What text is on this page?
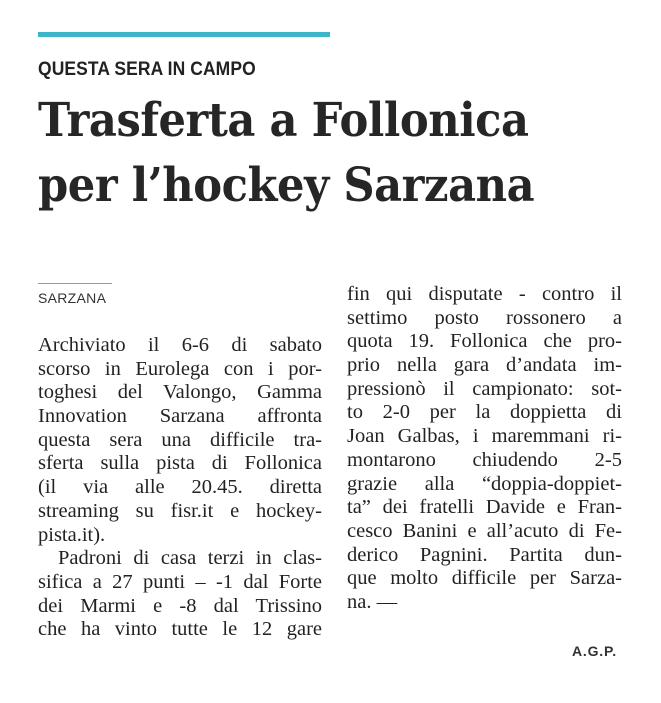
QUESTA SERA IN CAMPO
Trasferta a Follonica
per l’hockey Sarzana
SARZANA
Archiviato il 6-6 di sabato
scorso in Eurolega con i por-
toghesi del Valongo, Gamma
Innovation Sarzana affronta
questa sera una difficile tra-
sferta sulla pista di Follonica
(il via alle 20.45. diretta
streaming su fisr.it e hockey-
pista.it).
Padroni di casa terzi in clas-
sifica a 27 punti – -1 dal Forte
dei Marmi e -8 dal Trissino
che ha vinto tutte le 12 gare
fin qui disputate - contro il
settimo posto rossonero a
quota 19. Follonica che pro-
prio nella gara d’andata im-
pressionò il campionato: sot-
to 2-0 per la doppietta di
Joan Galbas, i maremmani ri-
montarono chiudendo 2-5
grazie alla “doppia-doppiet-
ta” dei fratelli Davide e Fran-
cesco Banini e all’acuto di Fe-
derico Pagnini. Partita dun-
que molto difficile per Sarza-
na. —
A.G.P.
